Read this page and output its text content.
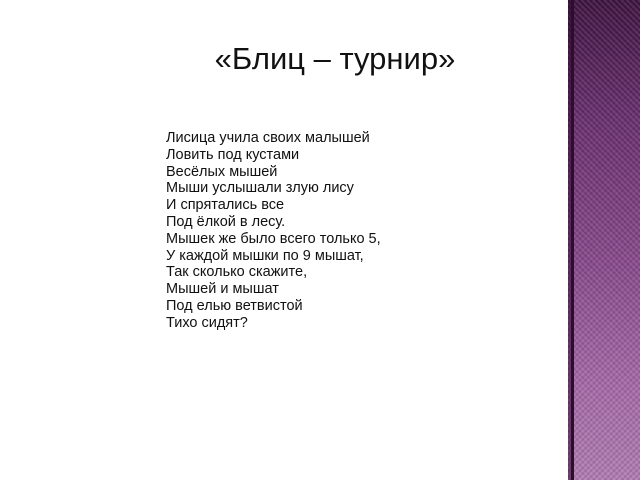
«Блиц – турнир»
Лисица учила своих малышей
Ловить под кустами
Весёлых мышей
Мыши услышали злую лису
И спрятались все
Под ёлкой в лесу.
Мышек же было всего только 5,
У каждой мышки по 9 мышат,
Так сколько скажите,
Мышей и мышат
Под елью ветвистой
Тихо сидят?
